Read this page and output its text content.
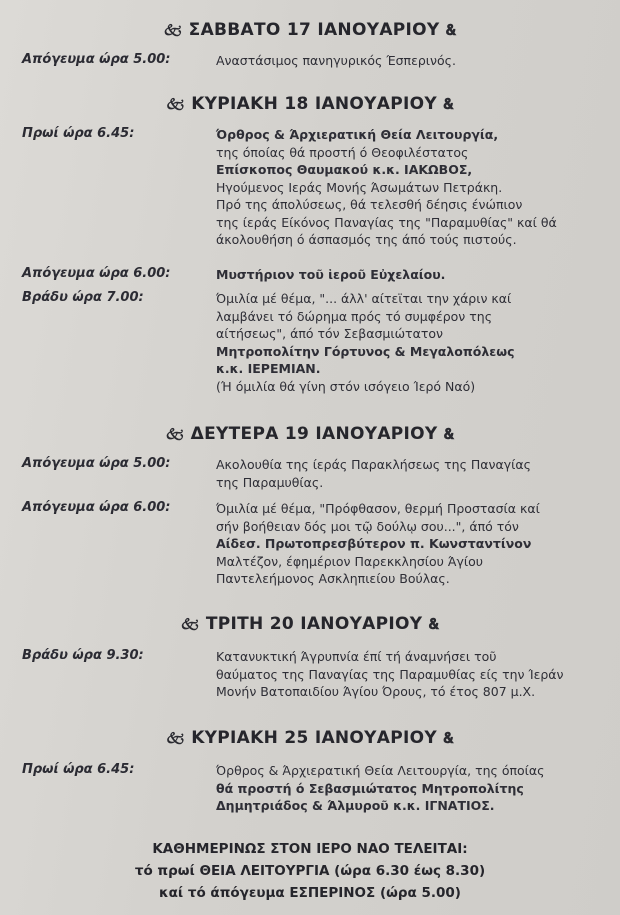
🙵 ΣΑΒΒΑΤΟ 17 ΙΑΝΟΥΑΡΙΟΥ 🙴
Απόγευμα ώρα 5.00:	Αναστάσιμος πανηγυρικός Έσπερινός.
🙵 ΚΥΡΙΑΚΗ 18 ΙΑΝΟΥΑΡΙΟΥ 🙴
Πρωί ώρα 6.45:	Όρθρος & Άρχιερατική Θεία Λειτουργία,
της όποίας θά προστή ό Θεοφιλέστατος
Επίσκοπος Θαυμακού κ.κ. ΙΑΚΩΒΟΣ,
Ηγούμενος Ιεράς Μονής Άσωμάτων Πετράκη.
Πρό της άπολύσεως, θά τελεσθή δέησις ένώπιον
της ίεράς Είκόνος Παναγίας της "Παραμυθίας" καί θά
άκολουθήση ό άσπασμός της άπό τούς πιστούς.
Απόγευμα ώρα 6.00:	Μυστήριον τοῦ ἱεροῦ Εὐχελαίου.
Βράδυ ώρα 7.00:	Όμιλία μέ θέμα, "... άλλ' αίτεϊται την χάριν καί
λαμβάνει τό δώρημα πρός τό συμφέρον της
αίτήσεως", άπό τόν Σεβασμιώτατον
Μητροπολίτην Γόρτυνος & Μεγαλοπόλεως
κ.κ. ΙΕΡΕΜΙΑΝ.
(Ή όμιλία θά γίνη στόν ισόγειο Ίερό Ναό)
🙵 ΔΕΥΤΕΡΑ 19 ΙΑΝΟΥΑΡΙΟΥ 🙴
Απόγευμα ώρα 5.00:	Ακολουθία της ίεράς Παρακλήσεως της Παναγίας
της Παραμυθίας.
Απόγευμα ώρα 6.00:	Όμιλία μέ θέμα, "Πρόφθασον, θερμή Προστασία καί
σήν βοήθειαν δός μοι τῷ δούλῳ σου...", άπό τόν
Αίδεσ. Πρωτοπρεσβύτερον π. Κωνσταντίνον
Μαλτέζον, έφημέριον Παρεκκλησίου Άγίου
Παντελεήμονος Ασκληπιείου Βούλας.
🙵 ΤΡΙΤΗ 20 ΙΑΝΟΥΑΡΙΟΥ 🙴
Βράδυ ώρα 9.30:	Κατανυκτική Άγρυπνία έπί τή άναμνήσει τοῦ
θαύματος της Παναγίας της Παραμυθίας είς την Ίεράν
Μονήν Βατοπαιδίου Άγίου Όρους, τό έτος 807 μ.Χ.
🙵 ΚΥΡΙΑΚΗ 25 ΙΑΝΟΥΑΡΙΟΥ 🙴
Πρωί ώρα 6.45:	Όρθρος & Άρχιερατική Θεία Λειτουργία, της όποίας
θά προστή ό Σεβασμιώτατος Μητροπολίτης
Δημητριάδος & Άλμυροῦ κ.κ. ΙΓΝΑΤΙΟΣ.
ΚΑΘΗΜΕΡΙΝΩΣ ΣΤΟΝ ΙΕΡΟ ΝΑΟ ΤΕΛΕΙΤΑΙ:
τό πρωί ΘΕΙΑ ΛΕΙΤΟΥΡΓΙΑ (ώρα 6.30 έως 8.30)
καί τό άπόγευμα ΕΣΠΕΡΙΝΟΣ (ώρα 5.00)
